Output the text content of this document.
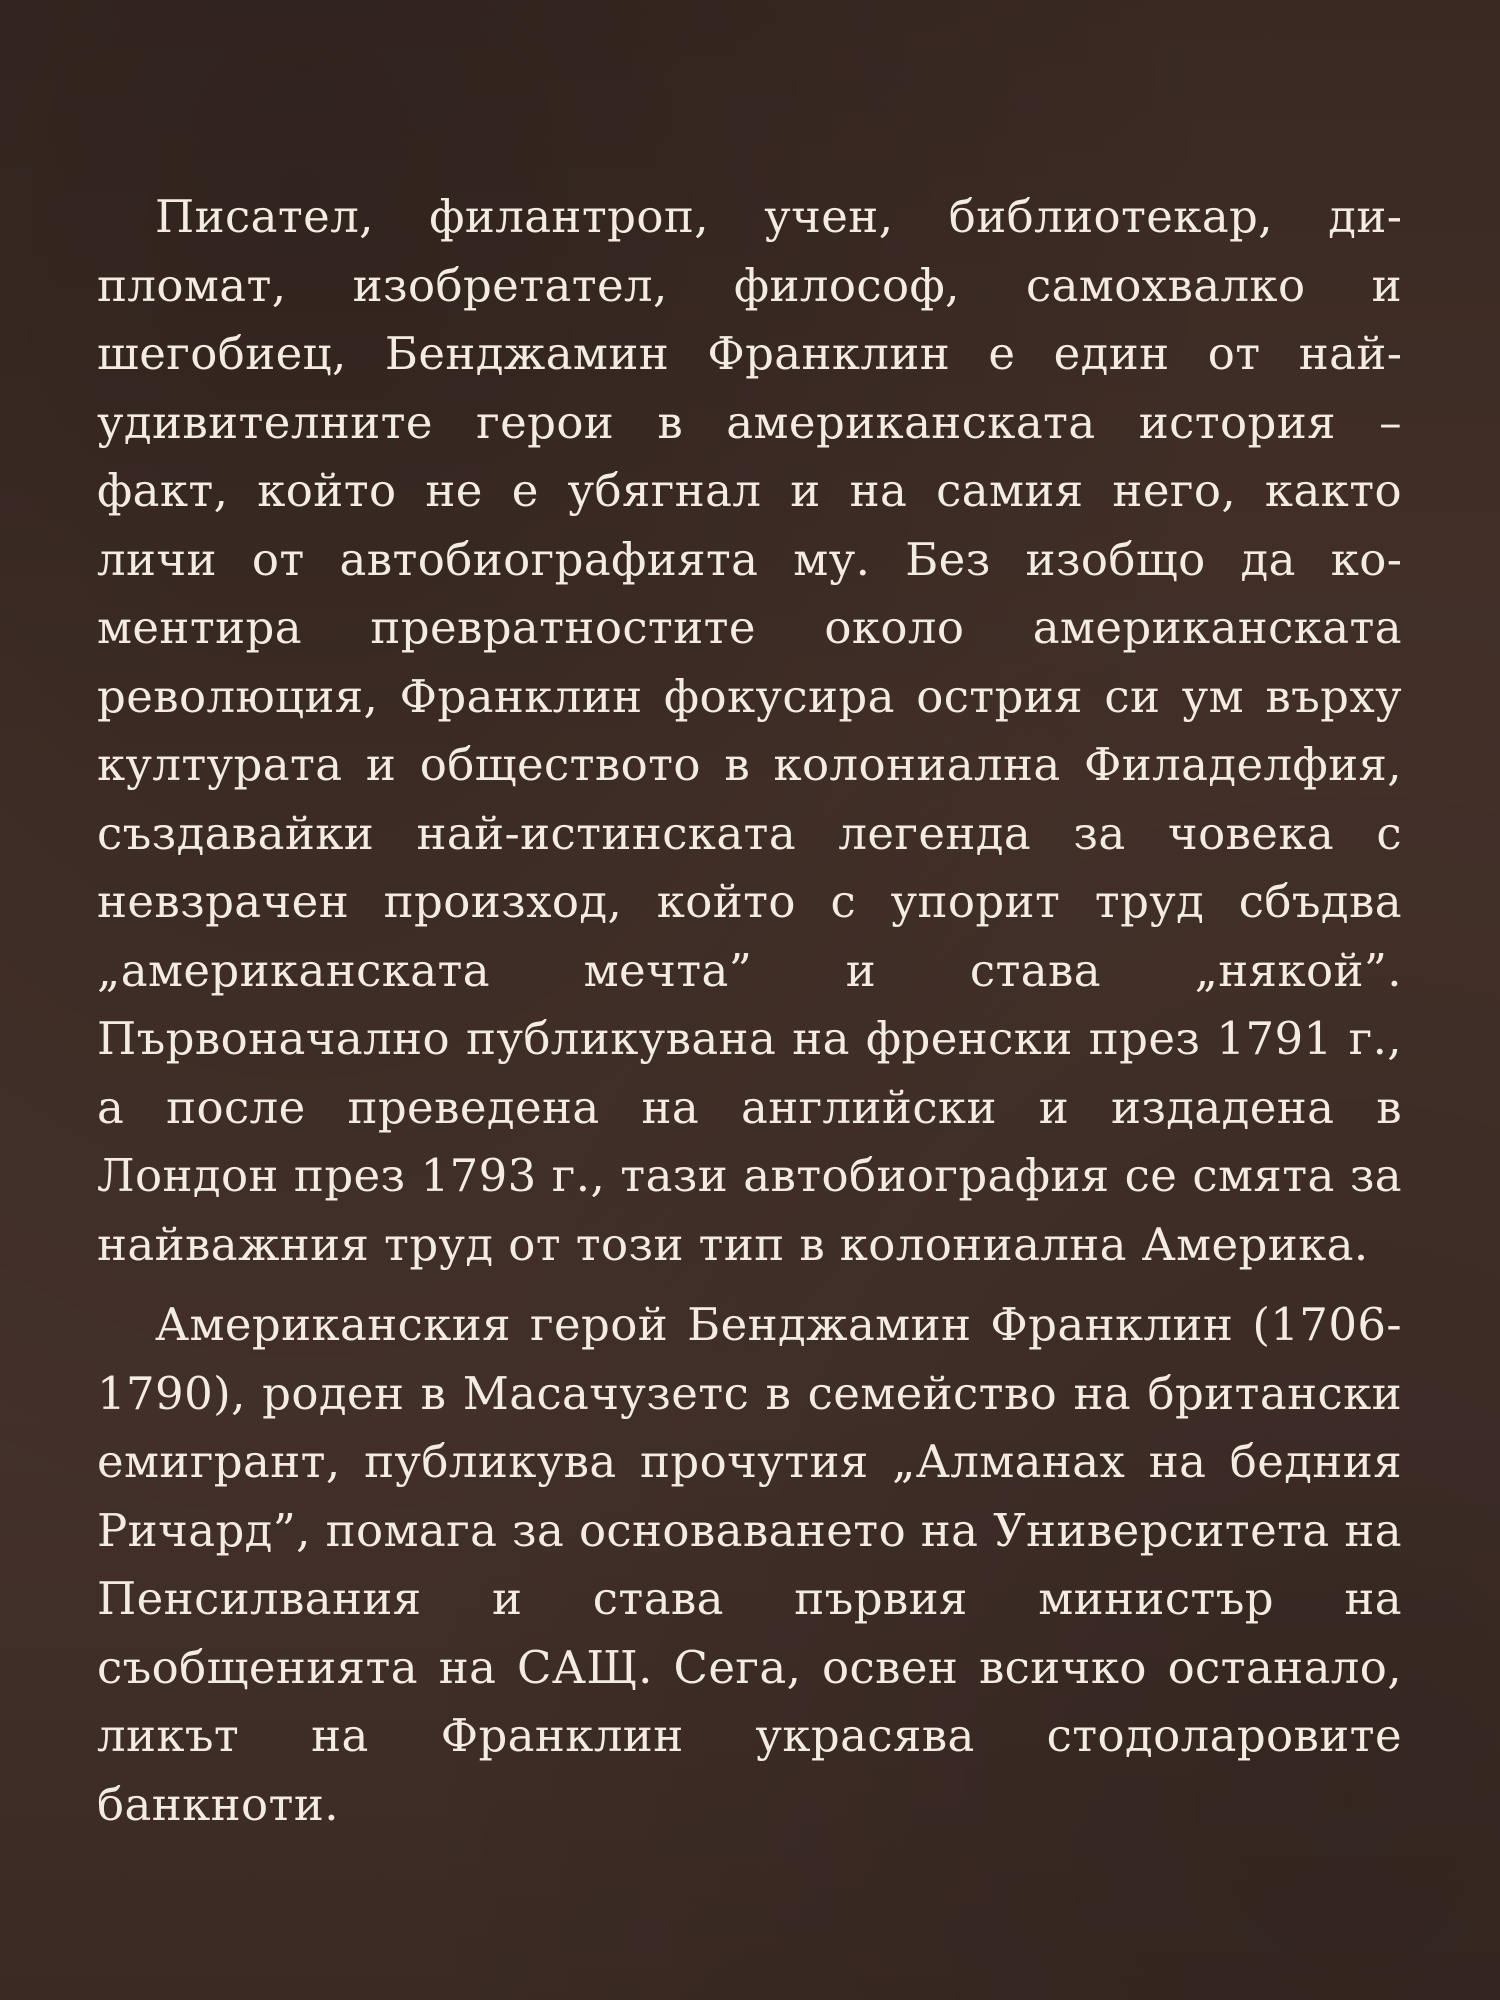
Писател, филантроп, учен, библиотекар, дипломат, изобретател, философ, самохвалко и шегобиец, Бенджамин Франклин е един от найудивителните герои в американската история – факт, който не е убягнал и на самия него, както личи от автобиографията му. Без изобщо да коментира превратностите около американската революция, Франклин фокусира острия си ум върху културата и обществото в колониална Филаделфия, създавайки най-истинската легенда за човека с невзрачен произход, който с упорит труд сбъдва „американската мечта” и става „някой”. Първоначално публикувана на френски през 1791 г., а после преведена на английски и издадена в Лондон през 1793 г., тази автобиография се смята за найважния труд от този тип в колониална Америка.

Американския герой Бенджамин Франклин (1706-1790), роден в Масачузетс в семейство на британски емигрант, публикува прочутия „Алманах на бедния Ричард”, помага за основаването на Университета на Пенсилвания и става първия министър на съобщенията на САЩ. Сега, освен всичко останало, ликът на Франклин украсява стодоларовите банкноти.
